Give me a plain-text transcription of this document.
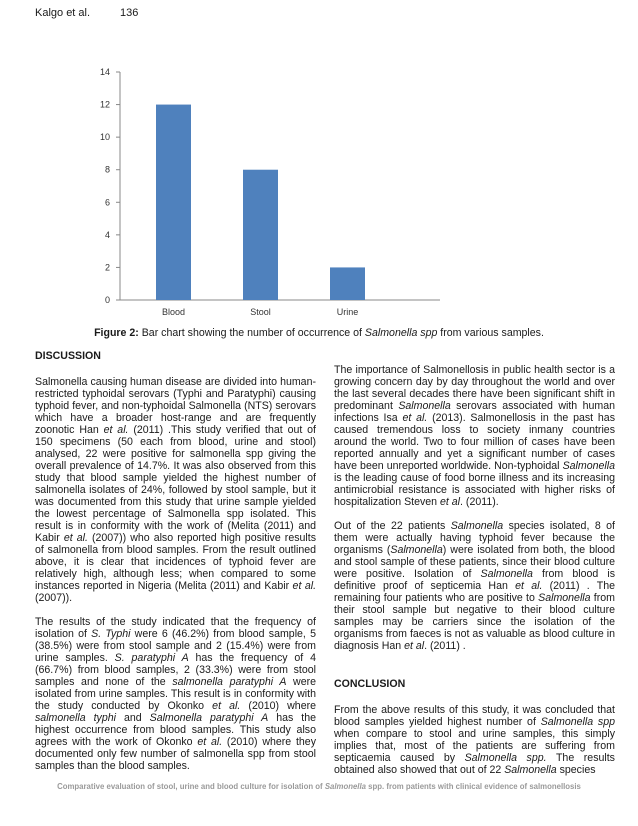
Kalgo et al.	136
0
2
4
6
8
10
12
14
Blood	Stool	Urine
Figure 2: Bar chart showing the number of occurrence of Salmonella spp from various samples.
DISCUSSION

Salmonella causing human disease are divided into human-restricted typhoidal serovars (Typhi and Paratyphi) causing typhoid fever, and non-typhoidal Salmonella (NTS) serovars which have a broader host-range and are frequently zoonotic Han et al. (2011) .This study verified that out of 150 specimens (50 each from blood, urine and stool) analysed, 22 were positive for salmonella spp giving the overall prevalence of 14.7%. It was also observed from this study that blood sample yielded the highest number of salmonella isolates of 24%, followed by stool sample, but it was documented from this study that urine sample yielded the lowest percentage of Salmonella spp isolated. This result is in conformity with the work of (Melita (2011) and Kabir et al. (2007)) who also reported high positive results of salmonella from blood samples. From the result outlined above, it is clear that incidences of typhoid fever are relatively high, although less; when compared to some instances reported in Nigeria (Melita (2011) and Kabir et al. (2007)).

The results of the study indicated that the frequency of isolation of S. Typhi were 6 (46.2%) from blood sample, 5 (38.5%) were from stool sample and 2 (15.4%) were from urine samples. S. paratyphi A has the frequency of 4 (66.7%) from blood samples, 2 (33.3%) were from stool samples and none of the salmonella paratyphi A were isolated from urine samples. This result is in conformity with the study conducted by Okonko et al. (2010) where salmonella typhi and Salmonella paratyphi A has the highest occurrence from blood samples. This study also agrees with the work of Okonko et al. (2010) where they documented only few number of salmonella spp from stool samples than the blood samples.

The importance of Salmonellosis in public health sector is a growing concern day by day throughout the world and over the last several decades there have been significant shift in predominant Salmonella serovars associated with human infections Isa et al. (2013). Salmonellosis in the past has caused tremendous loss to society inmany countries around the world. Two to four million of cases have been reported annually and yet a significant number of cases have been unreported worldwide. Non-typhoidal Salmonella is the leading cause of food borne illness and its increasing antimicrobial resistance is associated with higher risks of hospitalization Steven et al. (2011).

Out of the 22 patients Salmonella species isolated, 8 of them were actually having typhoid fever because the organisms (Salmonella) were isolated from both, the blood and stool sample of these patients, since their blood culture were positive. Isolation of Salmonella from blood is definitive proof of septicemia Han et al. (2011) . The remaining four patients who are positive to Salmonella from their stool sample but negative to their blood culture samples may be carriers since the isolation of the organisms from faeces is not as valuable as blood culture in diagnosis Han et al. (2011) .

CONCLUSION

From the above results of this study, it was concluded that blood samples yielded highest number of Salmonella spp when compare to stool and urine samples, this simply implies that, most of the patients are suffering from septicaemia caused by Salmonella spp. The results obtained also showed that out of 22 Salmonella species

Comparative evaluation of stool, urine and blood culture for isolation of Salmonella spp. from patients with clinical evidence of salmonellosis
